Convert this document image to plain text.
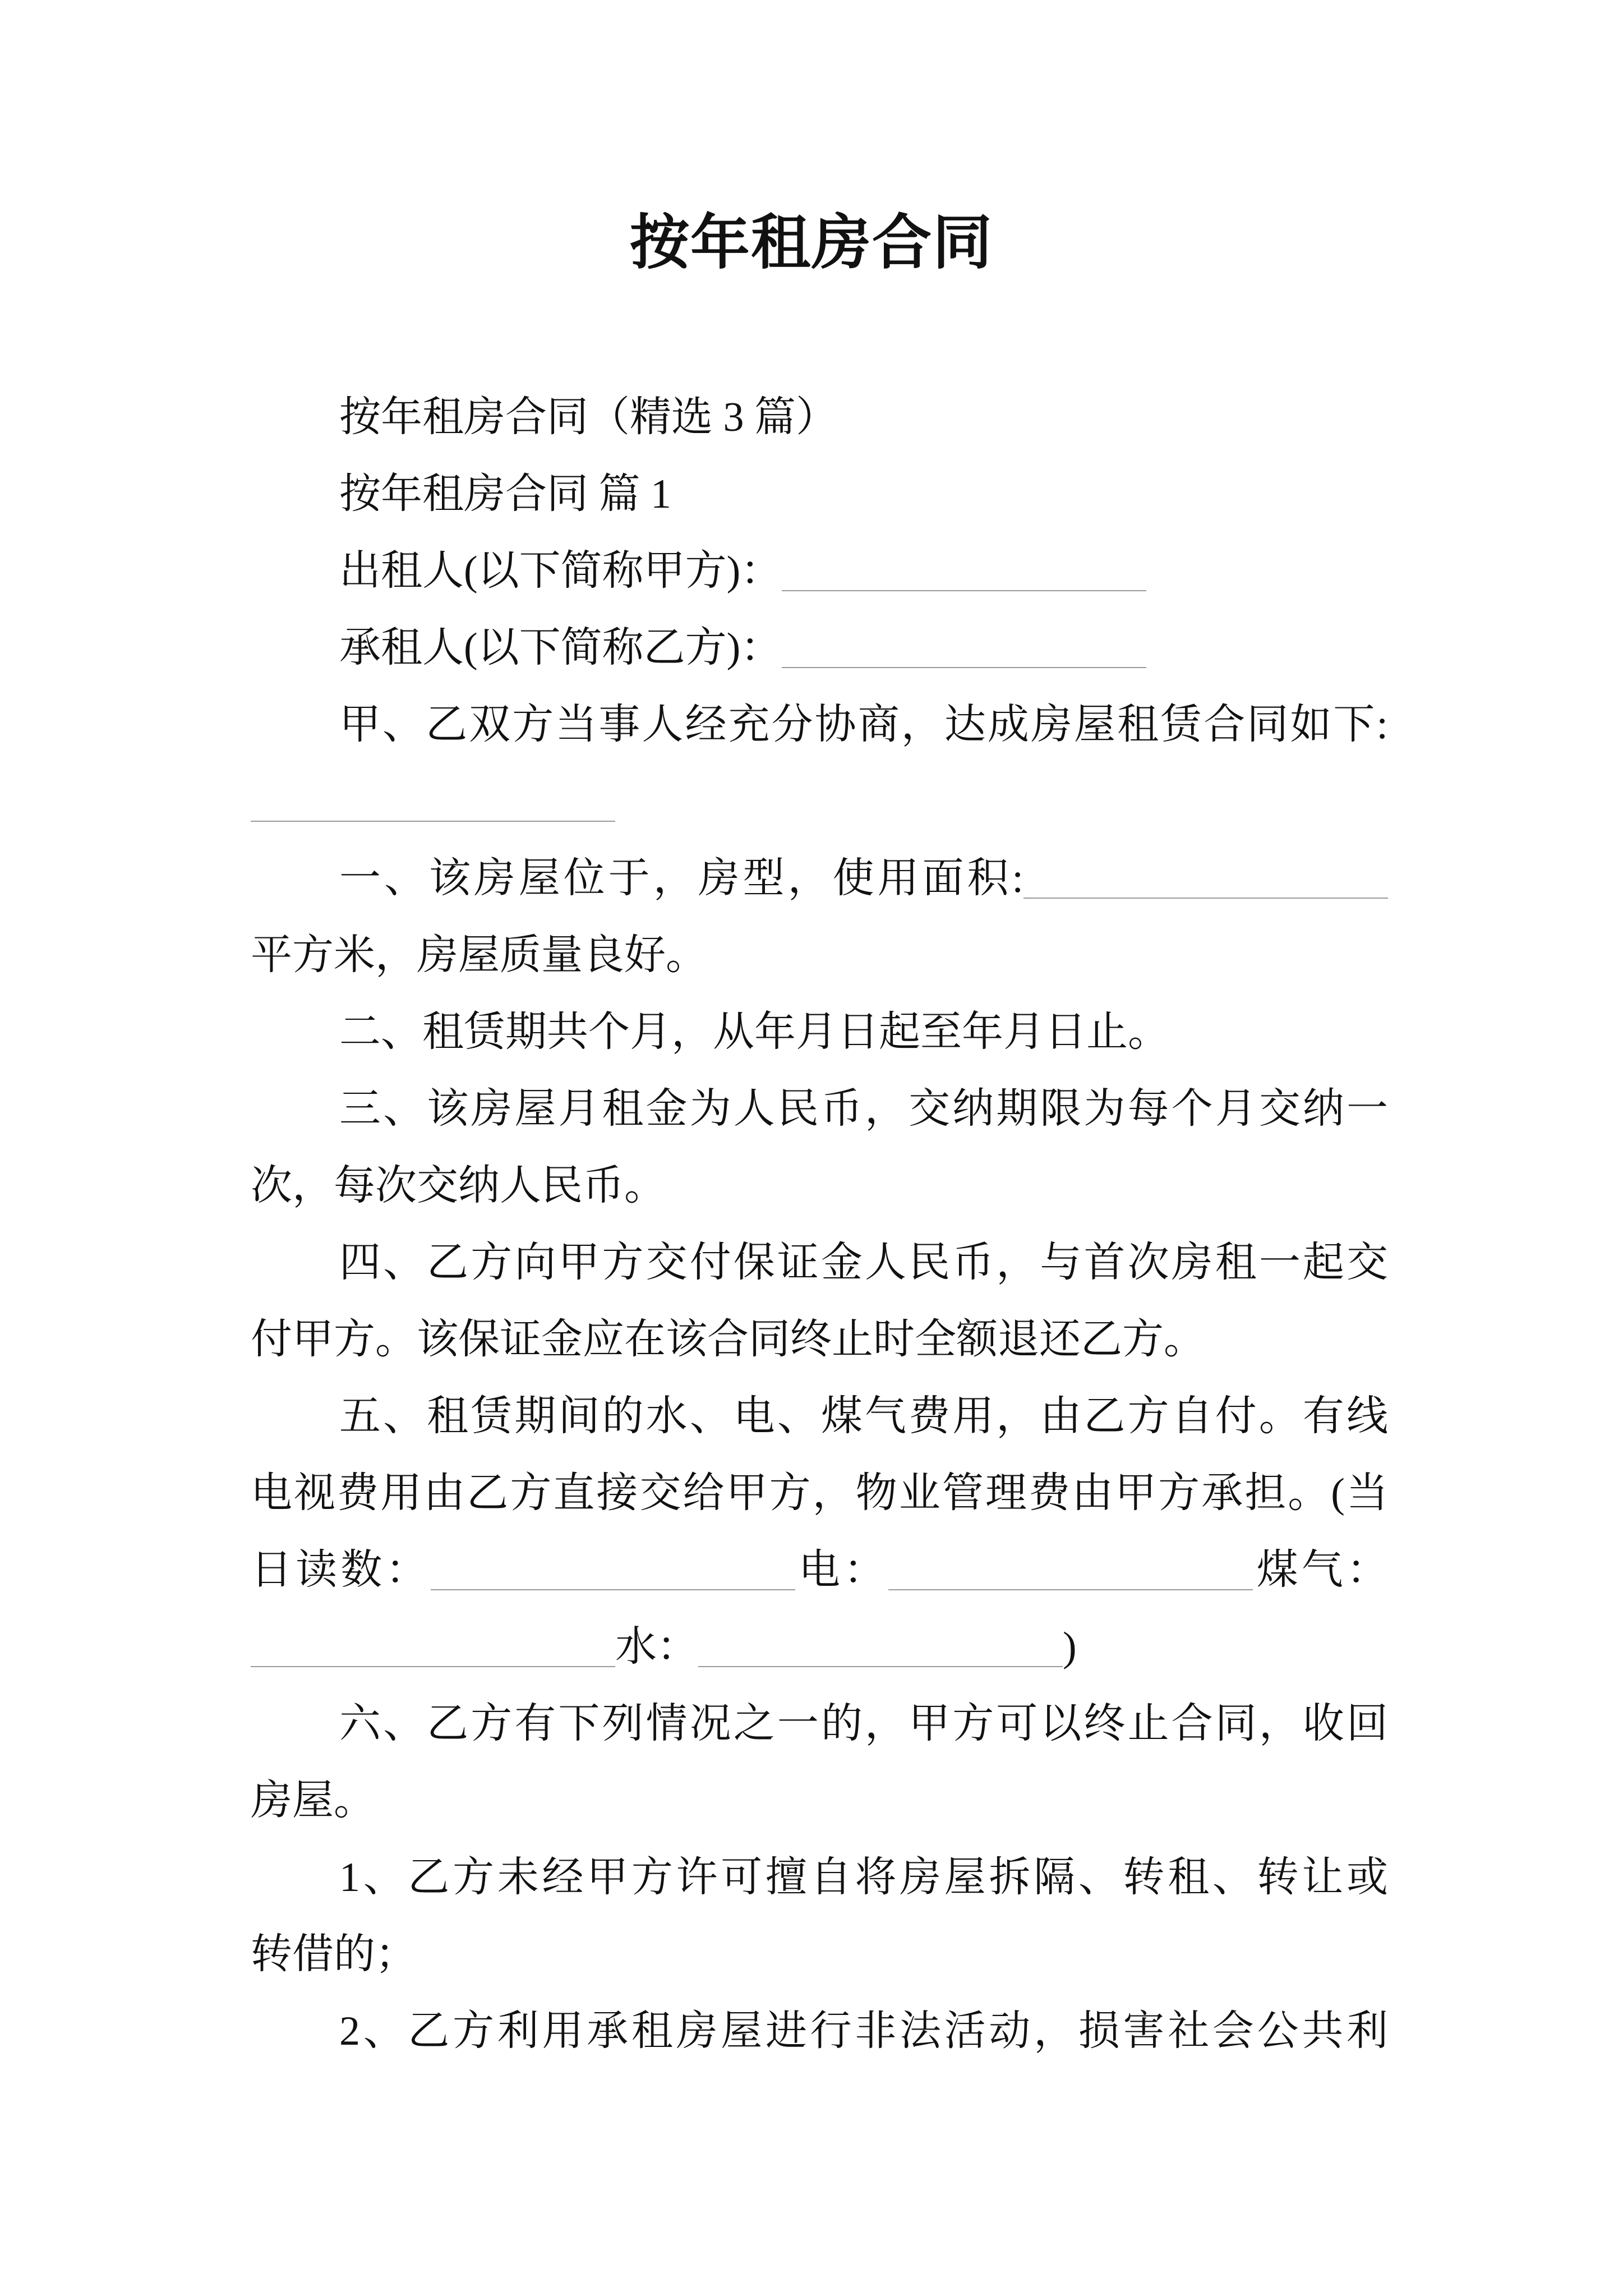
按年租房合同
按年租房合同（精选 3 篇）
按年租房合同 篇 1
出租人(以下简称甲方)：
承租人(以下简称乙方)：
甲、乙双方当事人经充分协商，达成房屋租赁合同如下:
一、该房屋位于，房型，使用面积:
平方米，房屋质量良好。
二、租赁期共个月，从年月日起至年月日止。
三、该房屋月租金为人民币，交纳期限为每个月交纳一
次，每次交纳人民币。
四、乙方向甲方交付保证金人民币，与首次房租一起交
付甲方。该保证金应在该合同终止时全额退还乙方。
五、租赁期间的水、电、煤气费用，由乙方自付。有线
电视费用由乙方直接交给甲方，物业管理费由甲方承担。(当
日读数：	电：	煤气：
水：	)
六、乙方有下列情况之一的，甲方可以终止合同，收回
房屋。
1、乙方未经甲方许可擅自将房屋拆隔、转租、转让或
转借的；
2、乙方利用承租房屋进行非法活动，损害社会公共利
